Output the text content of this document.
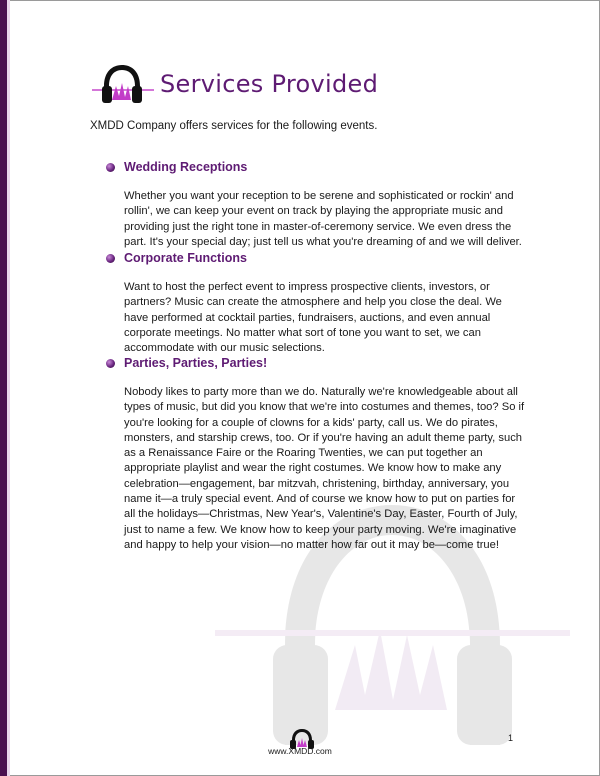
Services Provided

XMDD Company offers services for the following events.

Wedding Receptions

Whether you want your reception to be serene and sophisticated or rockin' and rollin', we can keep your event on track by playing the appropriate music and providing just the right tone in master-of-ceremony service. We even dress the part. It's your special day; just tell us what you're dreaming of and we will deliver.

Corporate Functions

Want to host the perfect event to impress prospective clients, investors, or partners? Music can create the atmosphere and help you close the deal. We have performed at cocktail parties, fundraisers, auctions, and even annual corporate meetings. No matter what sort of tone you want to set, we can accommodate with our music selections.

Parties, Parties, Parties!

Nobody likes to party more than we do. Naturally we're knowledgeable about all types of music, but did you know that we're into costumes and themes, too? So if you're looking for a couple of clowns for a kids' party, call us. We do pirates, monsters, and starship crews, too. Or if you're having an adult theme party, such as a Renaissance Faire or the Roaring Twenties, we can put together an appropriate playlist and wear the right costumes. We know how to make any celebration—engagement, bar mitzvah, christening, birthday, anniversary, you name it—a truly special event. And of course we know how to put on parties for all the holidays—Christmas, New Year's, Valentine's Day, Easter, Fourth of July, just to name a few. We know how to keep your party moving. We're imaginative and happy to help your vision—no matter how far out it may be—come true!

www.XMDD.com
1
